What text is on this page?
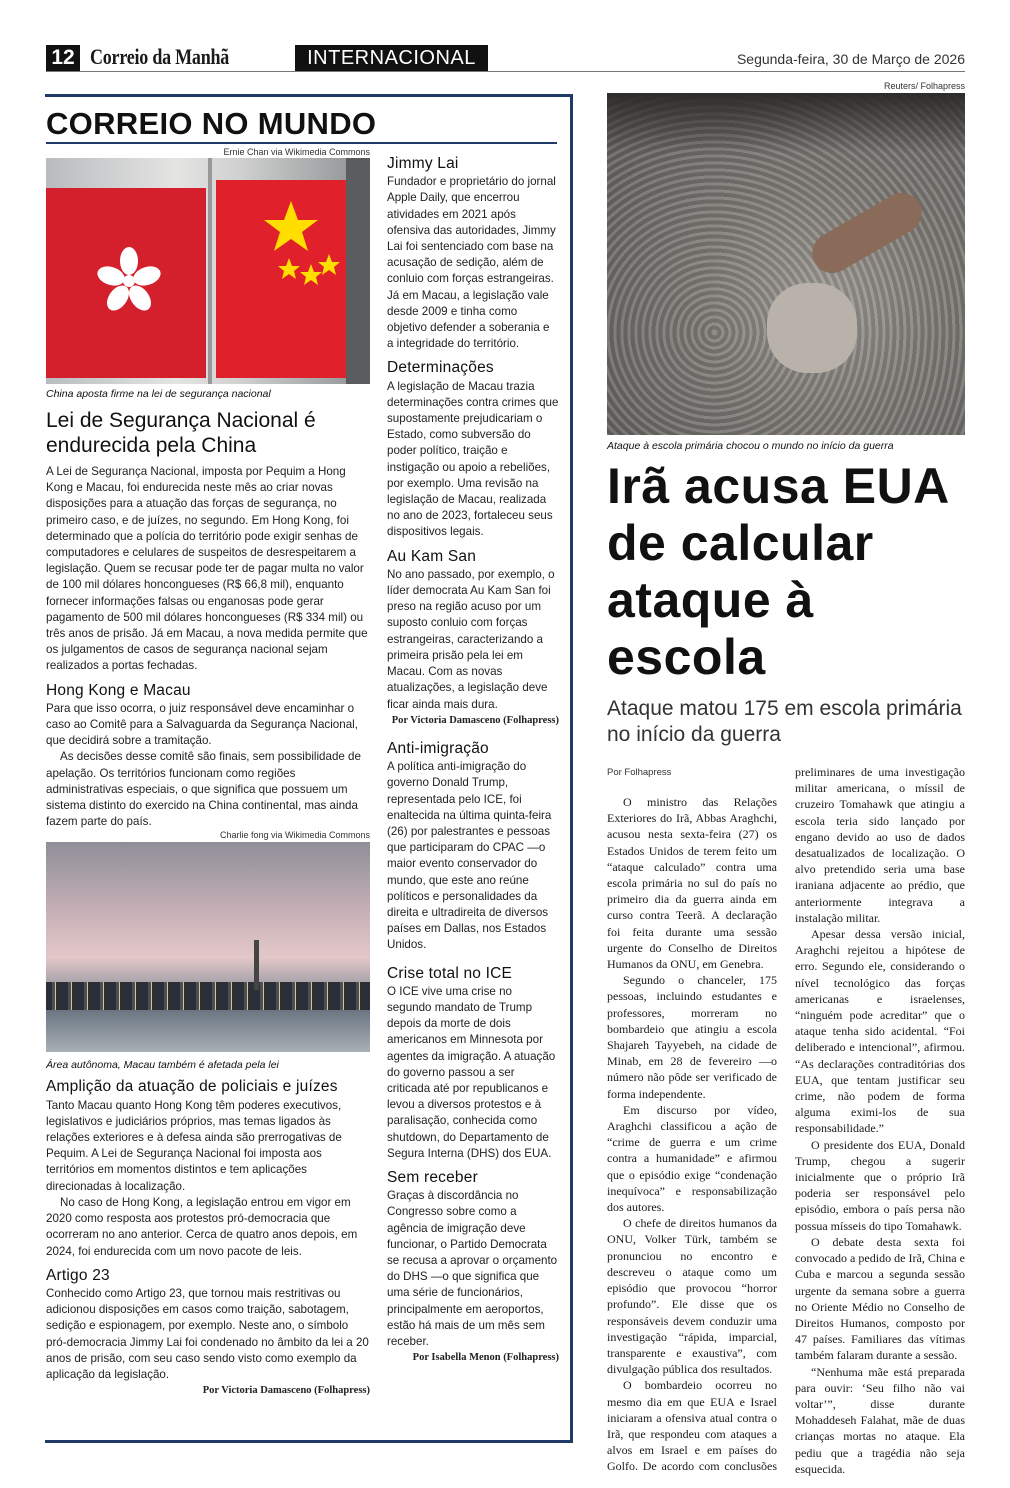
12 Correio da Manhã	INTERNACIONAL	Segunda-feira, 30 de Março de 2026
CORREIO NO MUNDO
Ernie Chan via Wikimedia Commons
China aposta firme na lei de segurança nacional
Lei de Segurança Nacional é endurecida pela China

A Lei de Segurança Nacional, imposta por Pequim a Hong Kong e Macau, foi endurecida neste mês ao criar novas disposições para a atuação das forças de segurança, no primeiro caso, e de juízes, no segundo. Em Hong Kong, foi determinado que a polícia do território pode exigir senhas de computadores e celulares de suspeitos de desrespeitarem a legislação. Quem se recusar pode ter de pagar multa no valor de 100 mil dólares honcongueses (R$ 66,8 mil), enquanto fornecer informações falsas ou enganosas pode gerar pagamento de 500 mil dólares honcongueses (R$ 334 mil) ou três anos de prisão. Já em Macau, a nova medida permite que os julgamentos de casos de segurança nacional sejam realizados a portas fechadas.

Hong Kong e Macau

Para que isso ocorra, o juiz responsável deve encaminhar o caso ao Comitê para a Salvaguarda da Segurança Nacional, que decidirá sobre a tramitação.

As decisões desse comitê são finais, sem possibilidade de apelação. Os territórios funcionam como regiões administrativas especiais, o que significa que possuem um sistema distinto do exercido na China continental, mas ainda fazem parte do país.

Charlie fong via Wikimedia Commons
Área autônoma, Macau também é afetada pela lei
Amplição da atuação de policiais e juízes

Tanto Macau quanto Hong Kong têm poderes executivos, legislativos e judiciários próprios, mas temas ligados às relações exteriores e à defesa ainda são prerrogativas de Pequim. A Lei de Segurança Nacional foi imposta aos territórios em momentos distintos e tem aplicações direcionadas à localização.

No caso de Hong Kong, a legislação entrou em vigor em 2020 como resposta aos protestos pró-democracia que ocorreram no ano anterior. Cerca de quatro anos depois, em 2024, foi endurecida com um novo pacote de leis.

Artigo 23

Conhecido como Artigo 23, que tornou mais restritivas ou adicionou disposições em casos como traição, sabotagem, sedição e espionagem, por exemplo. Neste ano, o símbolo pró-democracia Jimmy Lai foi condenado no âmbito da lei a 20 anos de prisão, com seu caso sendo visto como exemplo da aplicação da legislação.

Por Victoria Damasceno (Folhapress)
Jimmy Lai

Fundador e proprietário do jornal Apple Daily, que encerrou atividades em 2021 após ofensiva das autoridades, Jimmy Lai foi sentenciado com base na acusação de sedição, além de conluio com forças estrangeiras. Já em Macau, a legislação vale desde 2009 e tinha como objetivo defender a soberania e a integridade do território.

Determinações

A legislação de Macau trazia determinações contra crimes que supostamente prejudicariam o Estado, como subversão do poder político, traição e instigação ou apoio a rebeliões, por exemplo. Uma revisão na legislação de Macau, realizada no ano de 2023, fortaleceu seus dispositivos legais.

Au Kam San

No ano passado, por exemplo, o líder democrata Au Kam San foi preso na região acuso por um suposto conluio com forças estrangeiras, caracterizando a primeira prisão pela lei em Macau. Com as novas atualizações, a legislação deve ficar ainda mais dura.

Por Victoria Damasceno (Folhapress)
Anti-imigração

A política anti-imigração do governo Donald Trump, representada pelo ICE, foi enaltecida na última quinta-feira (26) por palestrantes e pessoas que participaram do CPAC —o maior evento conservador do mundo, que este ano reúne políticos e personalidades da direita e ultradireita de diversos países em Dallas, nos Estados Unidos.

Crise total no ICE

O ICE vive uma crise no segundo mandato de Trump depois da morte de dois americanos em Minnesota por agentes da imigração. A atuação do governo passou a ser criticada até por republicanos e levou a diversos protestos e à paralisação, conhecida como shutdown, do Departamento de Segura Interna (DHS) dos EUA.

Sem receber

Graças à discordância no Congresso sobre como a agência de imigração deve funcionar, o Partido Democrata se recusa a aprovar o orçamento do DHS —o que significa que uma série de funcionários, principalmente em aeroportos, estão há mais de um mês sem receber.

Por Isabella Menon (Folhapress)
Reuters/ Folhapress
Ataque à escola primária chocou o mundo no início da guerra
Irã acusa EUA de calcular ataque à escola
Ataque matou 175 em escola primária no início da guerra
Por Folhapress

O ministro das Relações Exteriores do Irã, Abbas Araghchi, acusou nesta sexta-feira (27) os Estados Unidos de terem feito um “ataque calculado” contra uma escola primária no sul do país no primeiro dia da guerra ainda em curso contra Teerã. A declaração foi feita durante uma sessão urgente do Conselho de Direitos Humanos da ONU, em Genebra.

Segundo o chanceler, 175 pessoas, incluindo estudantes e professores, morreram no bombardeio que atingiu a escola Shajareh Tayyebeh, na cidade de Minab, em 28 de fevereiro —o número não pôde ser verificado de forma independente.

Em discurso por vídeo, Araghchi classificou a ação de “crime de guerra e um crime contra a humanidade” e afirmou que o episódio exige “condenação inequívoca” e responsabilização dos autores.

O chefe de direitos humanos da ONU, Volker Türk, também se pronunciou no encontro e descreveu o ataque como um episódio que provocou “horror profundo”. Ele disse que os responsáveis devem conduzir uma investigação “rápida, imparcial, transparente e exaustiva”, com divulgação pública dos resultados.

O bombardeio ocorreu no mesmo dia em que EUA e Israel iniciaram a ofensiva atual contra o Irã, que respondeu com ataques a alvos em Israel e em países do Golfo. De acordo com conclusões preliminares de uma investigação militar americana, o míssil de cruzeiro Tomahawk que atingiu a escola teria sido lançado por engano devido ao uso de dados desatualizados de localização. O alvo pretendido seria uma base iraniana adjacente ao prédio, que anteriormente integrava a instalação militar.

Apesar dessa versão inicial, Araghchi rejeitou a hipótese de erro. Segundo ele, considerando o nível tecnológico das forças americanas e israelenses, “ninguém pode acreditar” que o ataque tenha sido acidental. “Foi deliberado e intencional”, afirmou. “As declarações contraditórias dos EUA, que tentam justificar seu crime, não podem de forma alguma eximi-los de sua responsabilidade.”

O presidente dos EUA, Donald Trump, chegou a sugerir inicialmente que o próprio Irã poderia ser responsável pelo episódio, embora o país persa não possua mísseis do tipo Tomahawk.

O debate desta sexta foi convocado a pedido de Irã, China e Cuba e marcou a segunda sessão urgente da semana sobre a guerra no Oriente Médio no Conselho de Direitos Humanos, composto por 47 países. Familiares das vítimas também falaram durante a sessão.

“Nenhuma mãe está preparada para ouvir: ‘Seu filho não vai voltar’”, disse durante Mohaddeseh Falahat, mãe de duas crianças mortas no ataque. Ela pediu que a tragédia não seja esquecida.
